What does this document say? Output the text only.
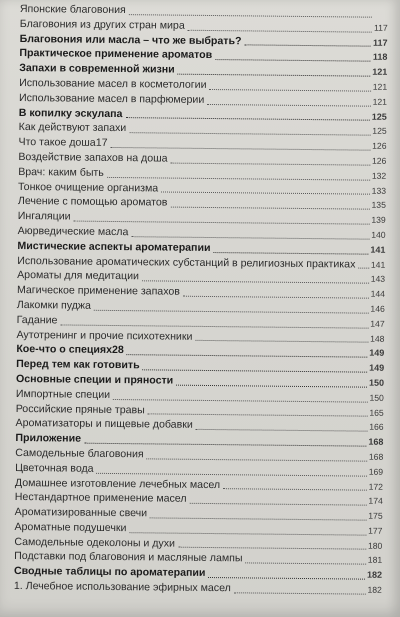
Японские благовония
Благовония из других стран мира	117
Благовония или масла – что же выбрать?	117
Практическое применение ароматов	118
Запахи в современной жизни	121
Использование масел в косметологии	121
Использование масел в парфюмерии	121
В копилку эскулапа	125
Как действуют запахи	125
Что такое доша17	126
Воздействие запахов на доша	126
Врач: каким быть	132
Тонкое очищение организма	133
Лечение с помощью ароматов	135
Ингаляции	139
Аюрведические масла	140
Мистические аспекты ароматерапии	141
Использование ароматических субстанций в религиозных практиках 141
Ароматы для медитации	143
Магическое применение запахов	144
Лакомки пуджа	146
Гадание	147
Аутотренинг и прочие психотехники	148
Кое-что о специях28	149
Перед тем как готовить	149
Основные специи и пряности	150
Импортные специи	150
Российские пряные травы	165
Ароматизаторы и пищевые добавки	166
Приложение	168
Самодельные благовония	168
Цветочная вода	169
Домашнее изготовление лечебных масел	172
Нестандартное применение масел	174
Ароматизированные свечи	175
Ароматные подушечки	177
Самодельные одеколоны и духи	180
Подставки под благовония и масляные лампы	181
Сводные таблицы по ароматерапии	182
1. Лечебное использование эфирных масел	182
